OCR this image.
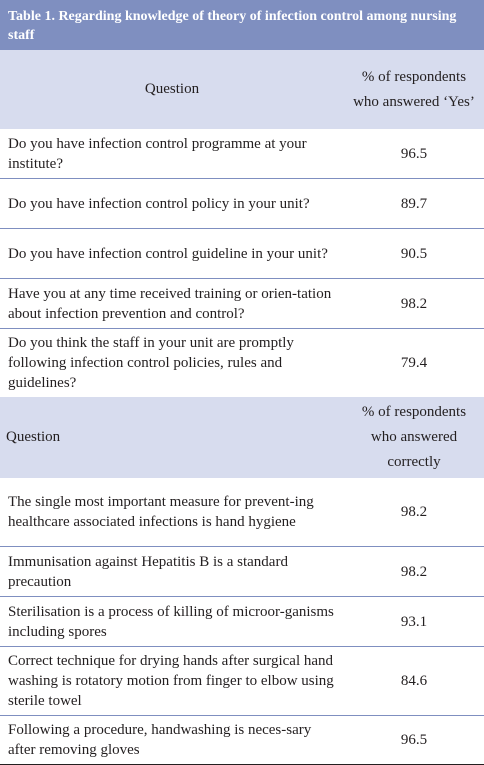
Table 1. Regarding knowledge of theory of infection control among nursing staff
Question	% of respondents who answered ‘Yes’
Do you have infection control programme at your institute?	96.5
Do you have infection control policy in your unit?	89.7
Do you have infection control guideline in your unit?	90.5
Have you at any time received training or orien-tation about infection prevention and control?	98.2
Do you think the staff in your unit are promptly following infection control policies, rules and guidelines?	79.4
Question	% of respondents who answered correctly
The single most important measure for prevent-ing healthcare associated infections is hand hygiene	98.2
Immunisation against Hepatitis B is a standard precaution	98.2
Sterilisation is a process of killing of microor-ganisms including spores	93.1
Correct technique for drying hands after surgical hand washing is rotatory motion from finger to elbow using sterile towel	84.6
Following a procedure, handwashing is neces-sary after removing gloves	96.5
